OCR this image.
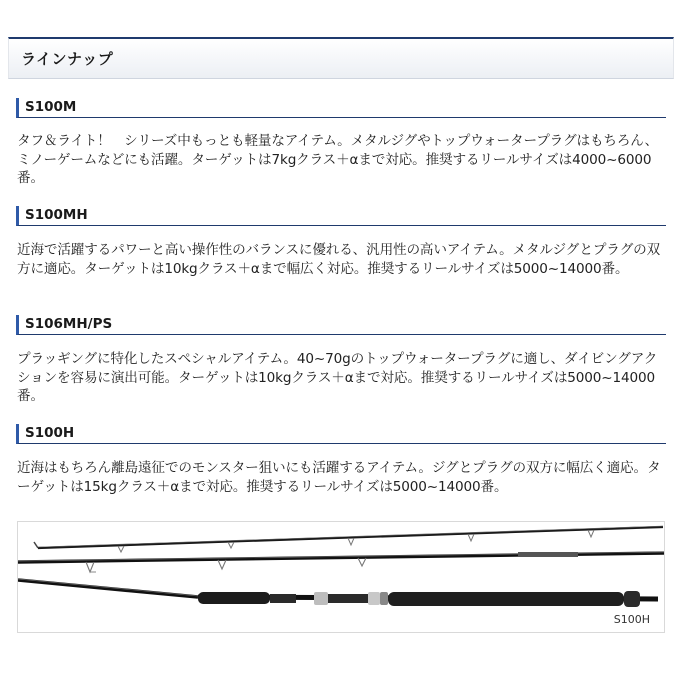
ラインナップ
S100M
タフ＆ライト！　シリーズ中もっとも軽量なアイテム。メタルジグやトップウォータープラグはもちろん、ミノーゲームなどにも活躍。ターゲットは7kgクラス＋αまで対応。推奨するリールサイズは4000~6000番。
S100MH
近海で活躍するパワーと高い操作性のバランスに優れる、汎用性の高いアイテム。メタルジグとプラグの双方に適応。ターゲットは10kgクラス＋αまで幅広く対応。推奨するリールサイズは5000~14000番。
S106MH/PS
プラッギングに特化したスペシャルアイテム。40~70gのトップウォータープラグに適し、ダイビングアクションを容易に演出可能。ターゲットは10kgクラス＋αまで対応。推奨するリールサイズは5000~14000番。
S100H
近海はもちろん離島遠征でのモンスター狙いにも活躍するアイテム。ジグとプラグの双方に幅広く適応。ターゲットは15kgクラス＋αまで対応。推奨するリールサイズは5000~14000番。
S100H
